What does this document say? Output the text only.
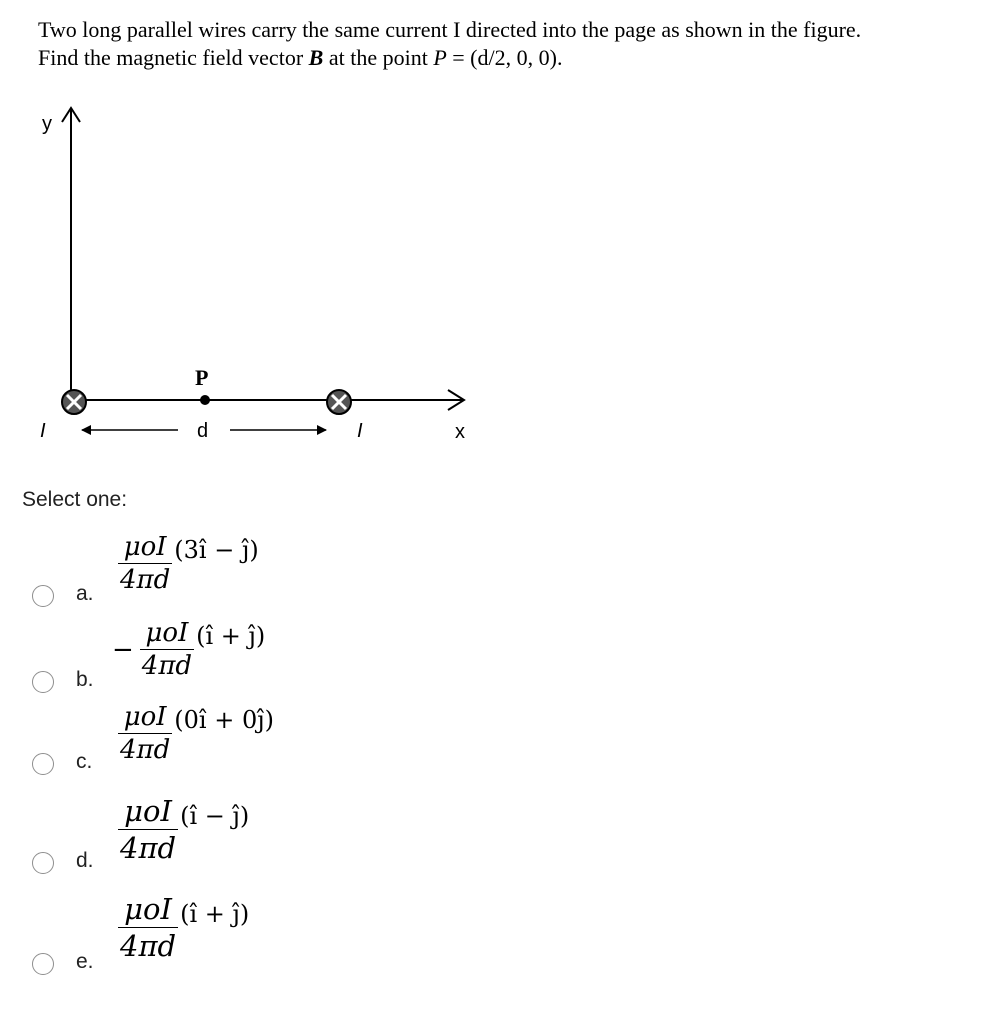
Two long parallel wires carry the same current I directed into the page as shown in the figure.
Find the magnetic field vector B at the point P = (d/2, 0, 0).
y
x
P
d
I	I
Select one:
a. $\frac{\text{μoI}}{4\pi d}$ (3î − ĵ)
b.
− $\frac{\text{μoI}}{4\pi d}$ (î + ĵ)
c. $\frac{\text{μoI}}{4\pi d}$ (0î + 0ĵ)
d. $\frac{\text{μoI}}{4\pi d}$ (î − ĵ)
e. $\frac{\text{μoI}}{4\pi d}$ (î + ĵ)
